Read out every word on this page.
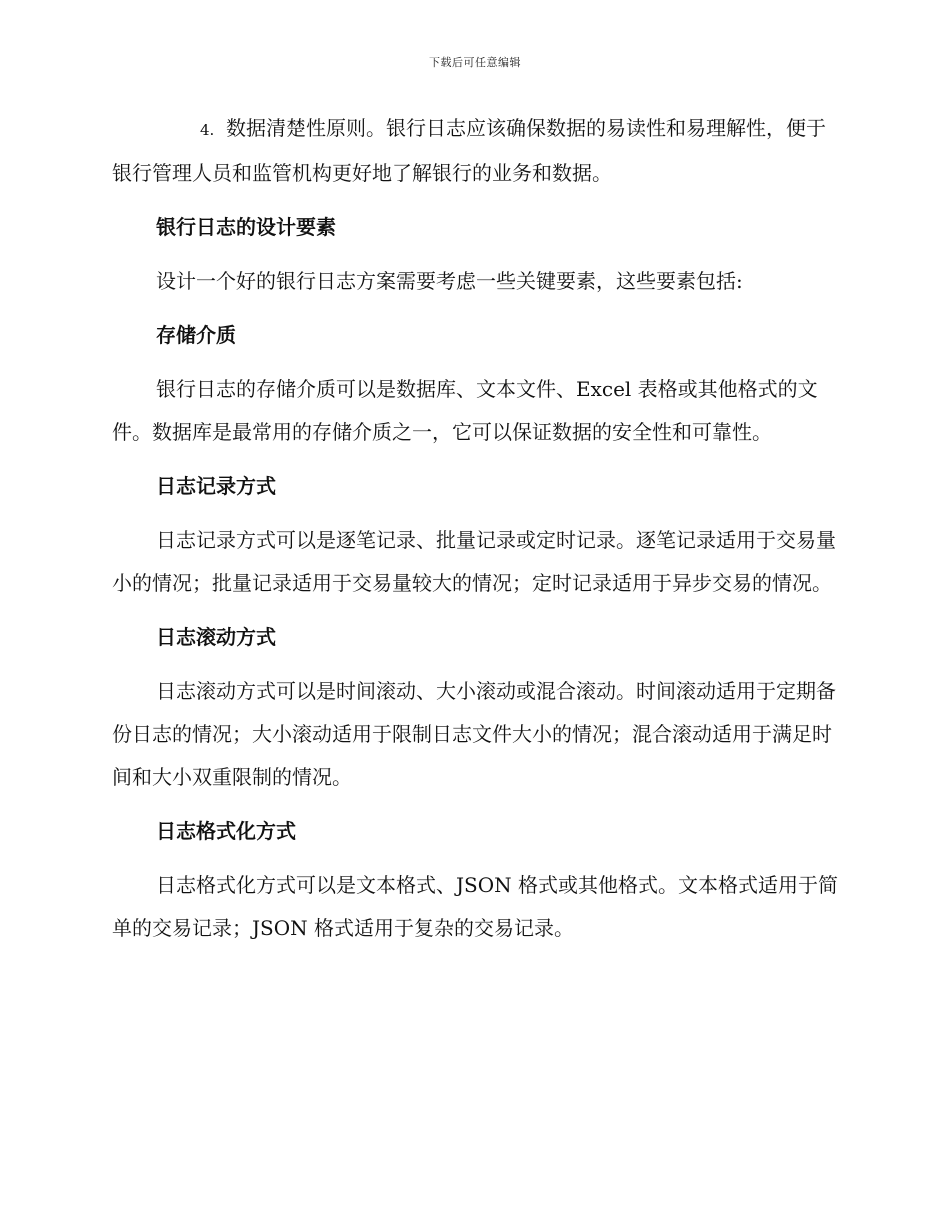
下载后可任意编辑

4. 数据清楚性原则。银行日志应该确保数据的易读性和易理解性，便于银行管理人员和监管机构更好地了解银行的业务和数据。

银行日志的设计要素

设计一个好的银行日志方案需要考虑一些关键要素，这些要素包括:

存储介质

银行日志的存储介质可以是数据库、文本文件、Excel 表格或其他格式的文件。数据库是最常用的存储介质之一，它可以保证数据的安全性和可靠性。

日志记录方式

日志记录方式可以是逐笔记录、批量记录或定时记录。逐笔记录适用于交易量小的情况；批量记录适用于交易量较大的情况；定时记录适用于异步交易的情况。

日志滚动方式

日志滚动方式可以是时间滚动、大小滚动或混合滚动。时间滚动适用于定期备份日志的情况；大小滚动适用于限制日志文件大小的情况；混合滚动适用于满足时间和大小双重限制的情况。

日志格式化方式

日志格式化方式可以是文本格式、JSON 格式或其他格式。文本格式适用于简单的交易记录；JSON 格式适用于复杂的交易记录。
